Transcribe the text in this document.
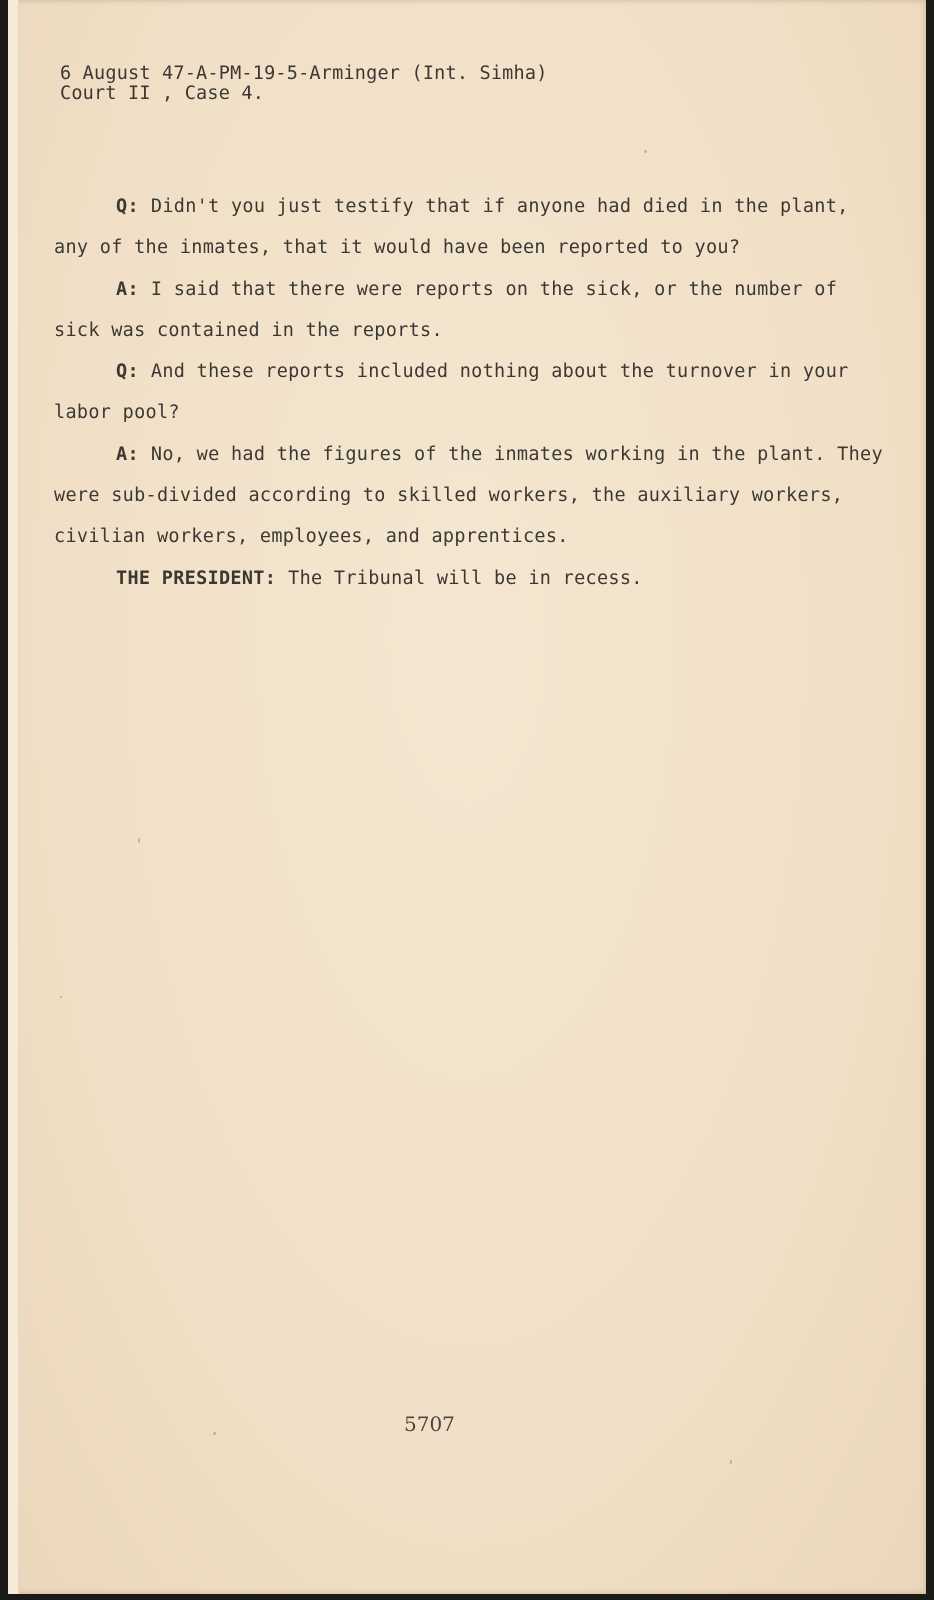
6 August 47-A-PM-19-5-Arminger (Int. Simha)
Court II , Case 4.

Q: Didn't you just testify that if anyone had died in the plant, any of the inmates, that it would have been reported to you?

A: I said that there were reports on the sick, or the number of sick was contained in the reports.

Q: And these reports included nothing about the turnover in your labor pool?

A: No, we had the figures of the inmates working in the plant. They were sub-divided according to skilled workers, the auxiliary workers, civilian workers, employees, and apprentices.

THE PRESIDENT: The Tribunal will be in recess.

5707
